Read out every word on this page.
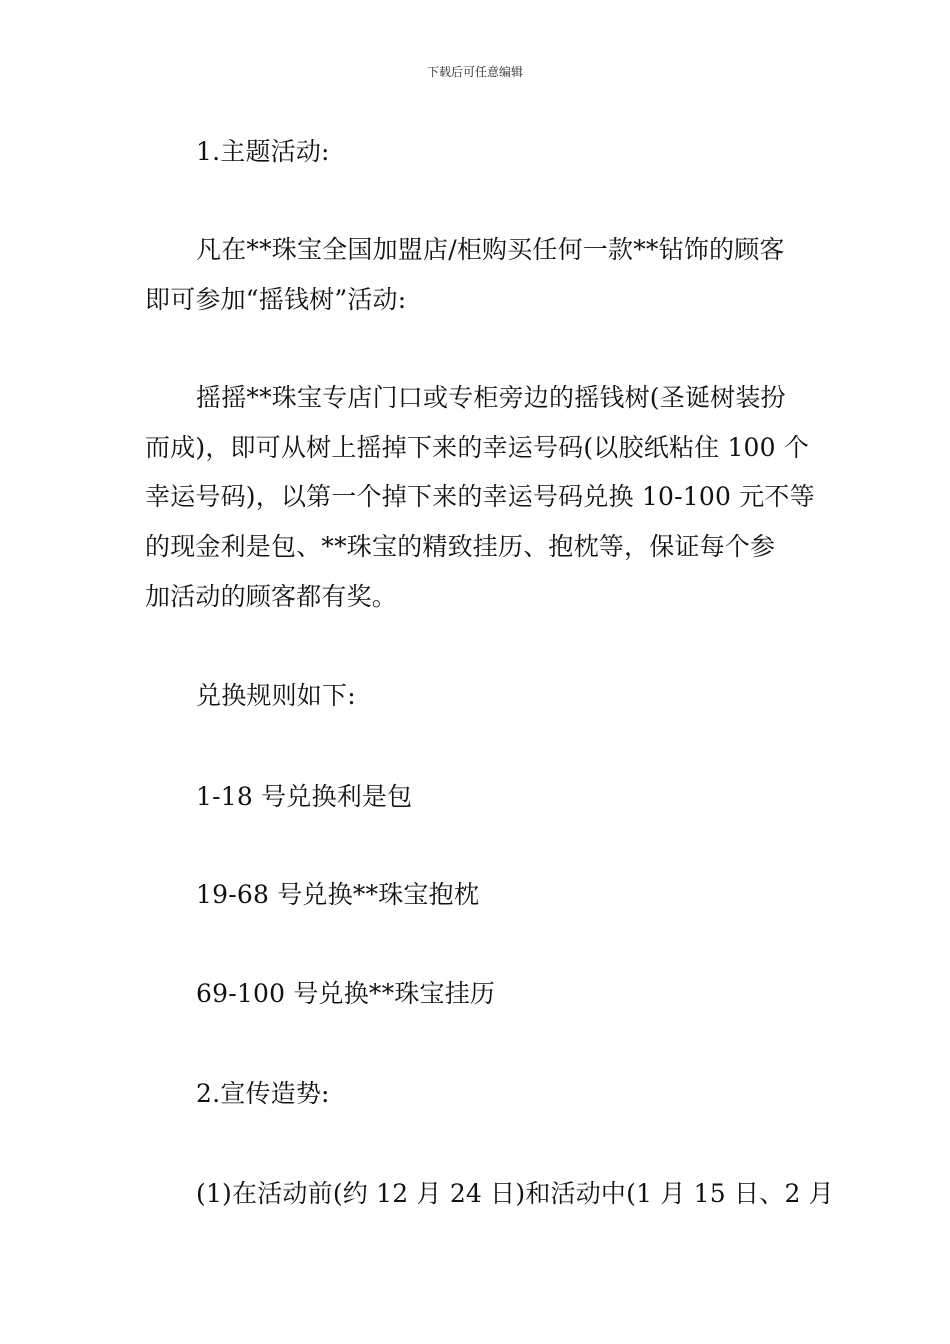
下载后可任意编辑
1.主题活动:
凡在**珠宝全国加盟店/柜购买任何一款**钻饰的顾客
即可参加“摇钱树”活动:
摇摇**珠宝专店门口或专柜旁边的摇钱树(圣诞树装扮
而成)，即可从树上摇掉下来的幸运号码(以胶纸粘住 100 个
幸运号码)，以第一个掉下来的幸运号码兑换 10-100 元不等
的现金利是包、**珠宝的精致挂历、抱枕等，保证每个参
加活动的顾客都有奖。
兑换规则如下:
1-18 号兑换利是包
19-68 号兑换**珠宝抱枕
69-100 号兑换**珠宝挂历
2.宣传造势:
(1)在活动前(约 12 月 24 日)和活动中(1 月 15 日、2 月
